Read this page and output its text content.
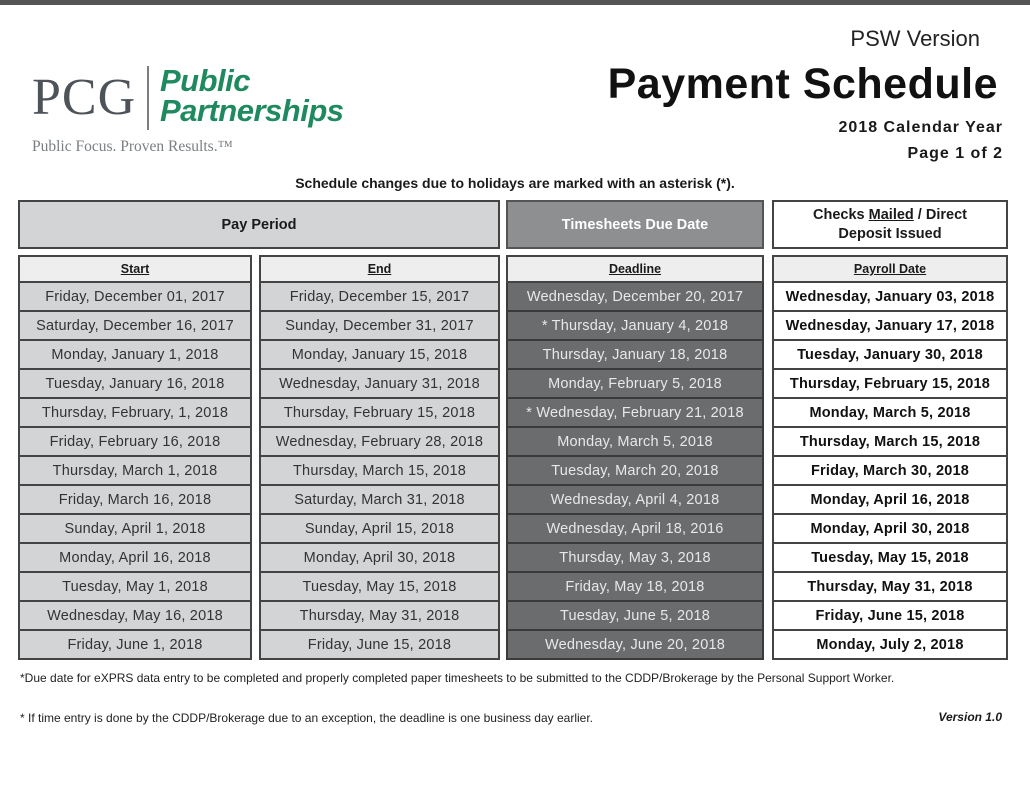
PCG Public
Partnerships
Public Focus. Proven Results.™
PSW Version
Payment Schedule
2018 Calendar Year
Page 1 of 2
Schedule changes due to holidays are marked with an asterisk (*).
Pay Period	Timesheets Due Date
Checks Mailed / Direct
Deposit Issued
Start	End	Deadline	Payroll Date
Friday, December 01, 2017	Friday, December 15, 2017	Wednesday, December 20, 2017	Wednesday, January 03, 2018
Saturday, December 16, 2017	Sunday, December 31, 2017	* Thursday, January 4, 2018	Wednesday, January 17, 2018
Monday, January 1, 2018	Monday, January 15, 2018	Thursday, January 18, 2018	Tuesday, January 30, 2018
Tuesday, January 16, 2018	Wednesday, January 31, 2018	Monday, February 5, 2018	Thursday, February 15, 2018
Thursday, February, 1, 2018	Thursday, February 15, 2018	* Wednesday, February 21, 2018	Monday, March 5, 2018
Friday, February 16, 2018	Wednesday, February 28, 2018	Monday, March 5, 2018	Thursday, March 15, 2018
Thursday, March 1, 2018	Thursday, March 15, 2018	Tuesday, March 20, 2018	Friday, March 30, 2018
Friday, March 16, 2018	Saturday, March 31, 2018	Wednesday, April 4, 2018	Monday, April 16, 2018
Sunday, April 1, 2018	Sunday, April 15, 2018	Wednesday, April 18, 2016	Monday, April 30, 2018
Monday, April 16, 2018	Monday, April 30, 2018	Thursday, May 3, 2018	Tuesday, May 15, 2018
Tuesday, May 1, 2018	Tuesday, May 15, 2018	Friday, May 18, 2018	Thursday, May 31, 2018
Wednesday, May 16, 2018	Thursday, May 31, 2018	Tuesday, June 5, 2018	Friday, June 15, 2018
Friday, June 1, 2018	Friday, June 15, 2018	Wednesday, June 20, 2018	Monday, July 2, 2018
*Due date for eXPRS data entry to be completed and properly completed paper timesheets to be submitted to the CDDP/Brokerage by the Personal Support Worker.
* If time entry is done by the CDDP/Brokerage due to an exception, the deadline is one business day earlier.	Version 1.0
